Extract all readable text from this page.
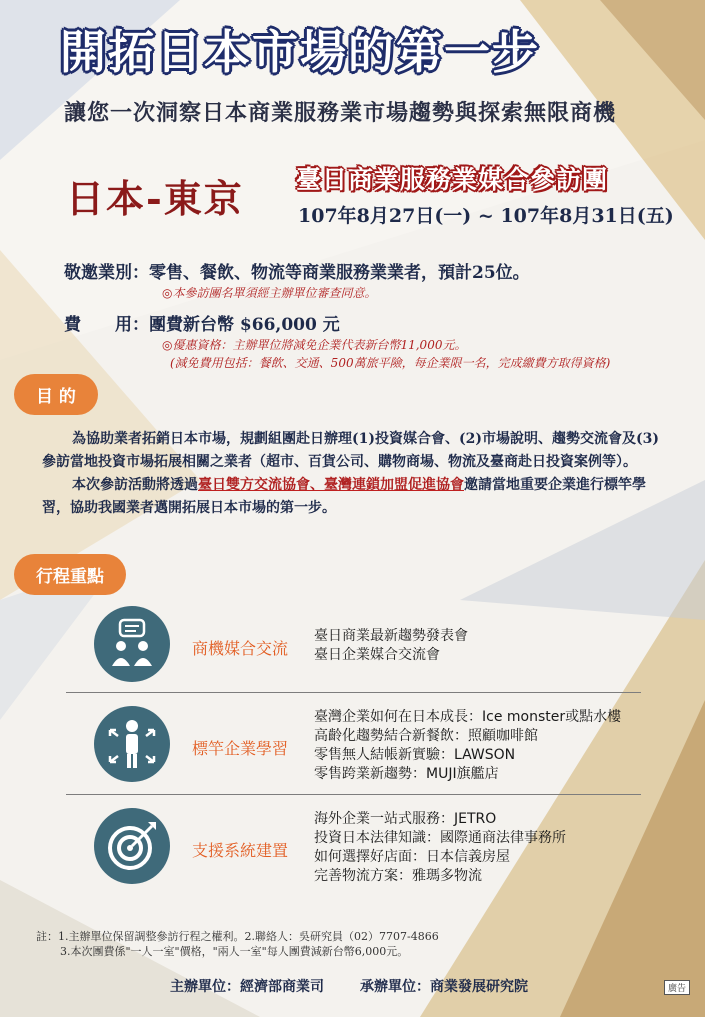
開拓日本市場的第一步
讓您一次洞察日本商業服務業市場趨勢與探索無限商機
日本-東京 臺日商業服務業媒合參訪團
107年8月27日(一) ~ 107年8月31日(五)
敬邀業別：零售、餐飲、物流等商業服務業業者，預計25位。
◎本參訪團名單須經主辦單位審查同意。
費　　用：團費新台幣 $66,000 元
◎優惠資格：主辦單位將減免企業代表新台幣11,000元。
(減免費用包括：餐飲、交通、500萬旅平險，每企業限一名，完成繳費方取得資格)
目 的
為協助業者拓銷日本市場，規劃組團赴日辦理(1)投資媒合會、(2)市場說明、趨勢交流會及(3)參訪當地投資市場拓展相關之業者（超市、百貨公司、購物商場、物流及臺商赴日投資案例等）。
本次參訪活動將透過臺日雙方交流協會、臺灣連鎖加盟促進協會邀請當地重要企業進行標竿學習，協助我國業者邁開拓展日本市場的第一步。
行程重點
商機媒合交流
臺日商業最新趨勢發表會
臺日企業媒合交流會
標竿企業學習
臺灣企業如何在日本成長：Ice monster或點水樓
高齡化趨勢結合新餐飲：照顧咖啡館
零售無人結帳新實驗：LAWSON
零售跨業新趨勢：MUJI旗艦店
支援系統建置
海外企業一站式服務：JETRO
投資日本法律知識：國際通商法律事務所
如何選擇好店面：日本信義房屋
完善物流方案：雅瑪多物流
註：1.主辦單位保留調整參訪行程之權利。2.聯絡人：吳研究員（02）7707-4866
3.本次團費係"一人一室"價格，"兩人一室"每人團費減新台幣6,000元。
主辦單位：經濟部商業司	承辦單位：商業發展研究院	廣告
